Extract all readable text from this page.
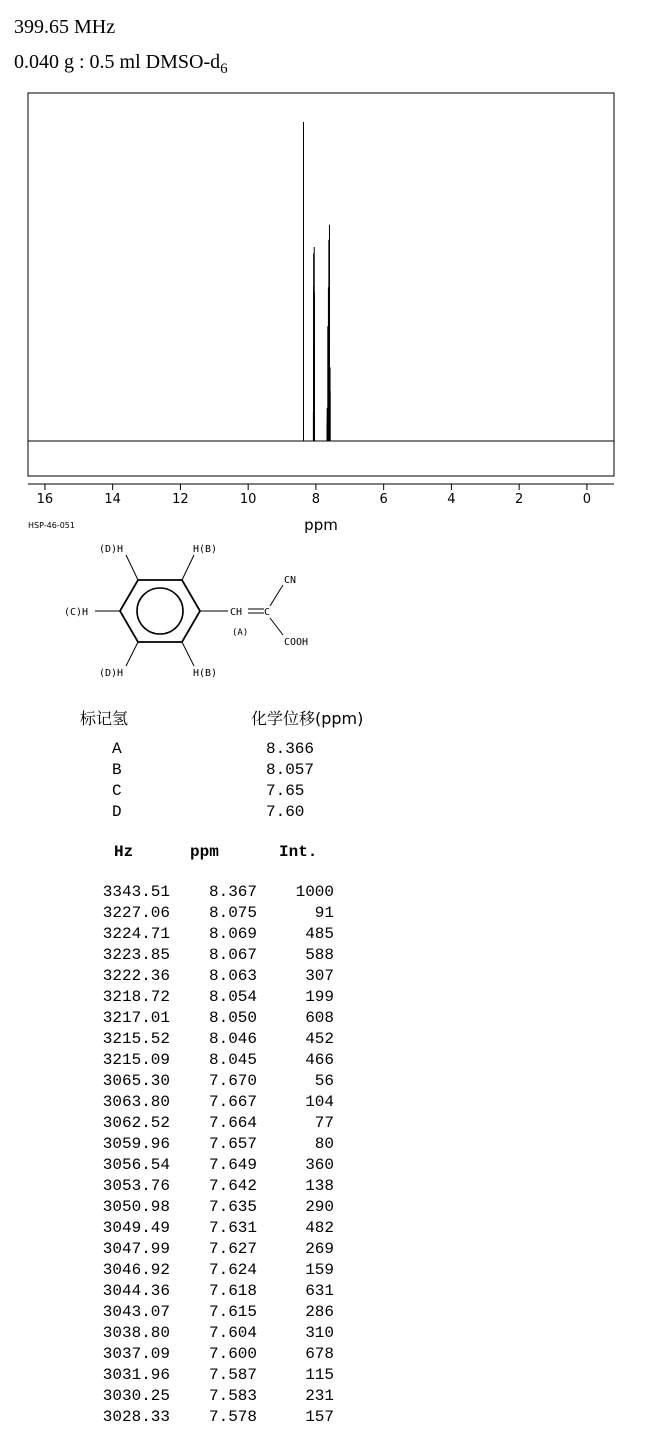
399.65 MHz
0.040 g : 0.5 ml DMSO-$d_6$
16	14	12	10	8	6	4	2	0
ppm
HSP-46-051
(D)H	H(B)
(C)H
(D)H	H(B)
CH C
(A)
CN
COOH
标记氢	化学位移(ppm)
A	8.366
B	8.057
C	7.65
D	7.60
Hz	ppm	Int.
3343.51	8.367	1000
3227.06	8.075	91
3224.71	8.069	485
3223.85	8.067	588
3222.36	8.063	307
3218.72	8.054	199
3217.01	8.050	608
3215.52	8.046	452
3215.09	8.045	466
3065.30	7.670	56
3063.80	7.667	104
3062.52	7.664	77
3059.96	7.657	80
3056.54	7.649	360
3053.76	7.642	138
3050.98	7.635	290
3049.49	7.631	482
3047.99	7.627	269
3046.92	7.624	159
3044.36	7.618	631
3043.07	7.615	286
3038.80	7.604	310
3037.09	7.600	678
3031.96	7.587	115
3030.25	7.583	231
3028.33	7.578	157
